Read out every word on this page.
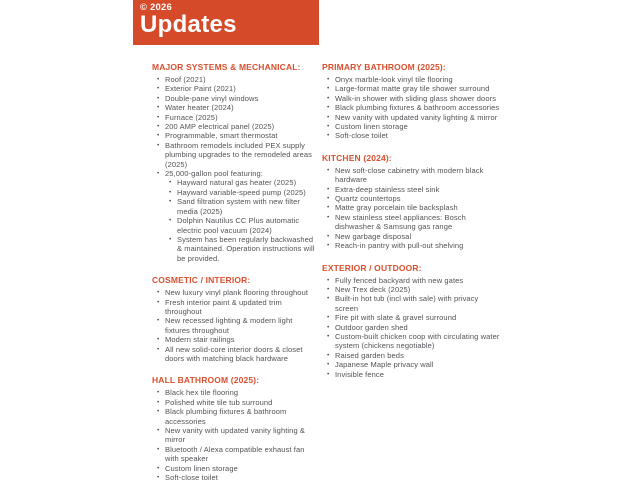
© 2026
Updates
MAJOR SYSTEMS & MECHANICAL:
• Roof (2021)
• Exterior Paint (2021)
• Double-pane vinyl windows
• Water heater (2024)
• Furnace (2025)
• 200 AMP electrical panel (2025)
• Programmable, smart thermostat
• Bathroom remodels included PEX supply plumbing upgrades to the remodeled areas (2025)
• 25,000-gallon pool featuring:
• Hayward natural gas heater (2025)
• Hayward variable-speed pump (2025)
• Sand filtration system with new filter media (2025)
• Dolphin Nautilus CC Plus automatic electric pool vacuum (2024)
• System has been regularly backwashed & maintained. Operation instructions will be provided.
COSMETIC / INTERIOR:
• New luxury vinyl plank flooring throughout
• Fresh interior paint & updated trim throughout
• New recessed lighting & modern light fixtures throughout
• Modern stair railings
• All new solid-core interior doors & closet doors with matching black hardware
HALL BATHROOM (2025):
• Black hex tile flooring
• Polished white tile tub surround
• Black plumbing fixtures & bathroom accessories
• New vanity with updated vanity lighting & mirror
• Bluetooth / Alexa compatible exhaust fan with speaker
• Custom linen storage
• Soft-close toilet
PRIMARY BATHROOM (2025):
• Onyx marble-look vinyl tile flooring
• Large-format matte gray tile shower surround
• Walk-in shower with sliding glass shower doors
• Black plumbing fixtures & bathroom accessories
• New vanity with updated vanity lighting & mirror
• Custom linen storage
• Soft-close toilet
KITCHEN (2024):
• New soft-close cabinetry with modern black hardware
• Extra-deep stainless steel sink
• Quartz countertops
• Matte gray porcelain tile backsplash
• New stainless steel appliances: Bosch dishwasher & Samsung gas range
• New garbage disposal
• Reach-in pantry with pull-out shelving
EXTERIOR / OUTDOOR:
• Fully fenced backyard with new gates
• New Trex deck (2025)
• Built-in hot tub (incl with sale) with privacy screen
• Fire pit with slate & gravel surround
• Outdoor garden shed
• Custom-built chicken coop with circulating water system (chickens negotiable)
• Raised garden beds
• Japanese Maple privacy wall
• Invisible fence
